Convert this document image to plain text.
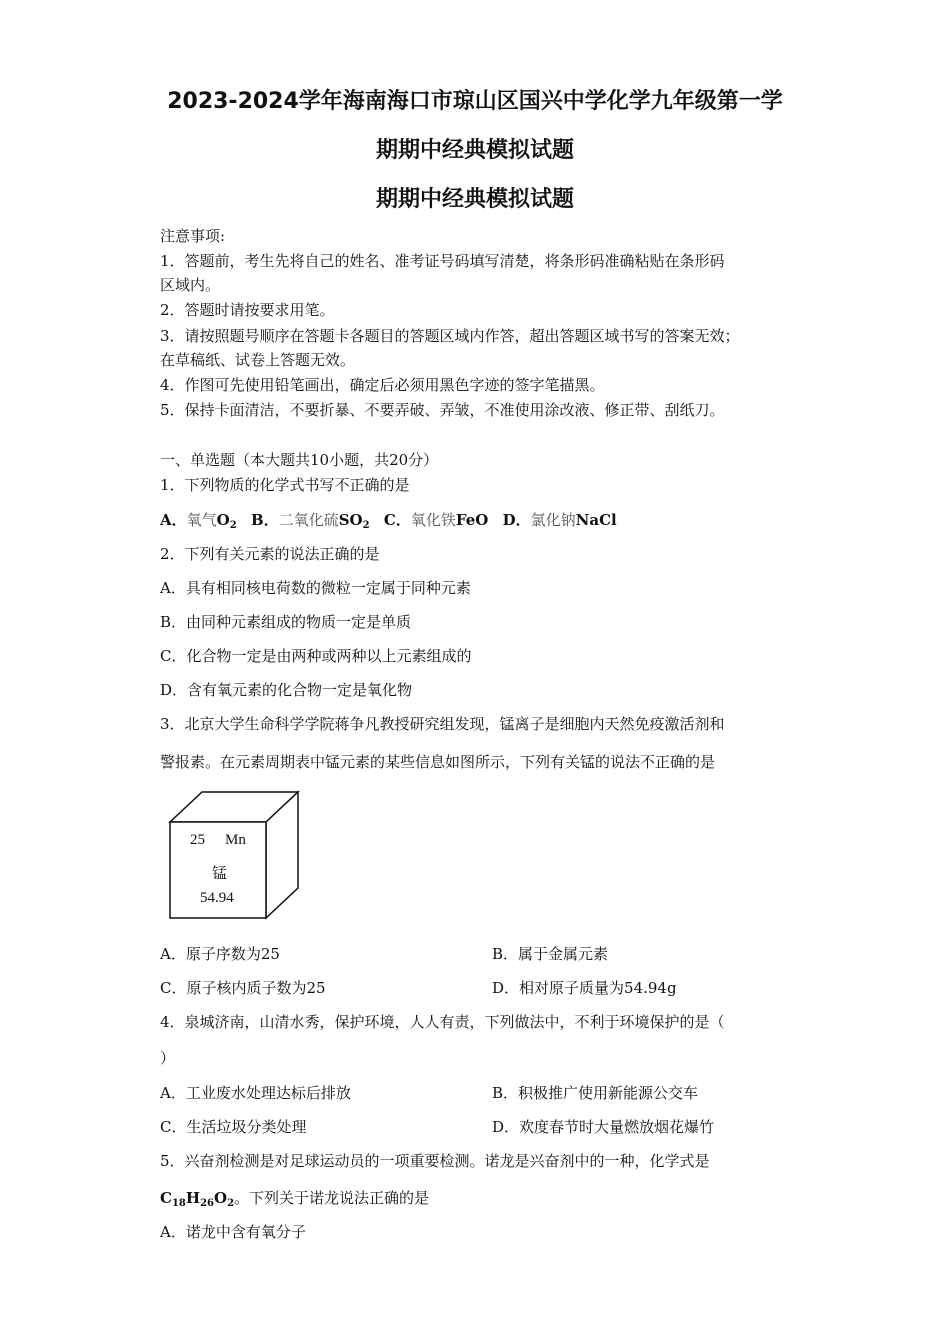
2023-2024学年海南海口市琼山区国兴中学化学九年级第一学
期期中经典模拟试题
期期中经典模拟试题
注意事项:
1．答题前，考生先将自己的姓名、准考证号码填写清楚，将条形码准确粘贴在条形码
区域内。
2．答题时请按要求用笔。
3．请按照题号顺序在答题卡各题目的答题区域内作答，超出答题区域书写的答案无效；
在草稿纸、试卷上答题无效。
4．作图可先使用铅笔画出，确定后必须用黑色字迹的签字笔描黑。
5．保持卡面清洁，不要折暴、不要弄破、弄皱，不准使用涂改液、修正带、刮纸刀。
一、单选题（本大题共10小题，共20分）
1．下列物质的化学式书写不正确的是
A．氧气$O_2$ B．二氧化硫$SO_2$ C．氧化铁FeO D．氯化钠NaCl
2．下列有关元素的说法正确的是
A．具有相同核电荷数的微粒一定属于同种元素
B．由同种元素组成的物质一定是单质
C．化合物一定是由两种或两种以上元素组成的
D．含有氧元素的化合物一定是氧化物
3．北京大学生命科学学院蒋争凡教授研究组发现，锰离子是细胞内天然免疫激活剂和
警报素。在元素周期表中锰元素的某些信息如图所示，下列有关锰的说法不正确的是
25 Mn
锰
54.94
A．原子序数为25	B．属于金属元素
C．原子核内质子数为25	D．相对原子质量为54.94g
4．泉城济南，山清水秀，保护环境，人人有责，下列做法中，不利于环境保护的是（
）
A．工业废水处理达标后排放	B．积极推广使用新能源公交车
C．生活垃圾分类处理	D．欢度春节时大量燃放烟花爆竹
5．兴奋剂检测是对足球运动员的一项重要检测。诺龙是兴奋剂中的一种，化学式是
$C_{18}H_{26}O_2$。下列关于诺龙说法正确的是
A．诺龙中含有氧分子
